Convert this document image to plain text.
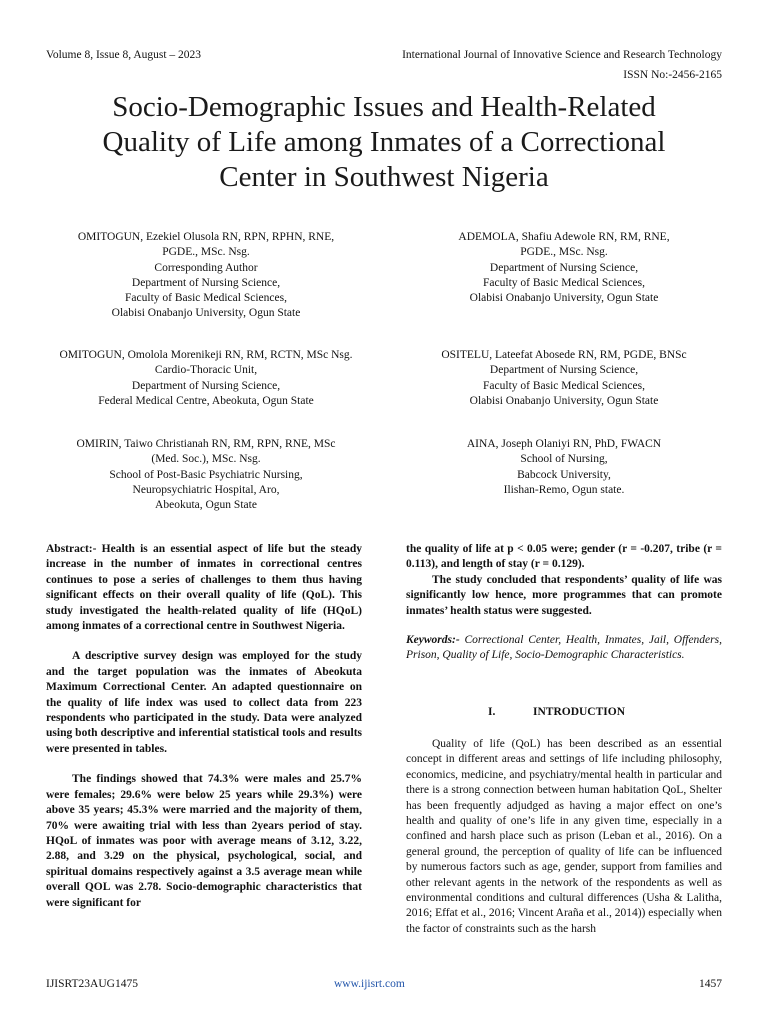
Volume 8, Issue 8, August – 2023	International Journal of Innovative Science and Research Technology
ISSN No:-2456-2165
Socio-Demographic Issues and Health-Related
Quality of Life among Inmates of a Correctional
Center in Southwest Nigeria
OMITOGUN, Ezekiel Olusola RN, RPN, RPHN, RNE,
PGDE., MSc. Nsg.
Corresponding Author
Department of Nursing Science,
Faculty of Basic Medical Sciences,
Olabisi Onabanjo University, Ogun State
ADEMOLA, Shafiu Adewole RN, RM, RNE,
PGDE., MSc. Nsg.
Department of Nursing Science,
Faculty of Basic Medical Sciences,
Olabisi Onabanjo University, Ogun State
OMITOGUN, Omolola Morenikeji RN, RM, RCTN, MSc Nsg.
Cardio-Thoracic Unit,
Department of Nursing Science,
Federal Medical Centre, Abeokuta, Ogun State
OSITELU, Lateefat Abosede RN, RM, PGDE, BNSc
Department of Nursing Science,
Faculty of Basic Medical Sciences,
Olabisi Onabanjo University, Ogun State
OMIRIN, Taiwo Christianah RN, RM, RPN, RNE, MSc
(Med. Soc.), MSc. Nsg.
School of Post-Basic Psychiatric Nursing,
Neuropsychiatric Hospital, Aro,
Abeokuta, Ogun State
AINA, Joseph Olaniyi RN, PhD, FWACN
School of Nursing,
Babcock University,
Ilishan-Remo, Ogun state.

Abstract:- Health is an essential aspect of life but the steady increase in the number of inmates in correctional centres continues to pose a series of challenges to them thus having significant effects on their overall quality of life (QoL). This study investigated the health-related quality of life (HQoL) among inmates of a correctional centre in Southwest Nigeria.

A descriptive survey design was employed for the study and the target population was the inmates of Abeokuta Maximum Correctional Center. An adapted questionnaire on the quality of life index was used to collect data from 223 respondents who participated in the study. Data were analyzed using both descriptive and inferential statistical tools and results were presented in tables.

The findings showed that 74.3% were males and 25.7% were females; 29.6% were below 25 years while 29.3%) were above 35 years; 45.3% were married and the majority of them, 70% were awaiting trial with less than 2years period of stay. HQoL of inmates was poor with average means of 3.12, 3.22, 2.88, and 3.29 on the physical, psychological, social, and spiritual domains respectively against a 3.5 average mean while overall QOL was 2.78. Socio-demographic characteristics that were significant for

the quality of life at p < 0.05 were; gender (r = -0.207, tribe (r = 0.113), and length of stay (r = 0.129).

The study concluded that respondents’ quality of life was significantly low hence, more programmes that can promote inmates’ health status were suggested.

Keywords:- Correctional Center, Health, Inmates, Jail, Offenders, Prison, Quality of Life, Socio-Demographic Characteristics.

I.	INTRODUCTION

Quality of life (QoL) has been described as an essential concept in different areas and settings of life including philosophy, economics, medicine, and psychiatry/mental health in particular and there is a strong connection between human habitation QoL, Shelter has been frequently adjudged as having a major effect on one’s health and quality of one’s life in any given time, especially in a confined and harsh place such as prison (Leban et al., 2016). On a general ground, the perception of quality of life can be influenced by numerous factors such as age, gender, support from families and other relevant agents in the network of the respondents as well as environmental conditions and cultural differences (Usha & Lalitha, 2016; Effat et al., 2016; Vincent Araña et al., 2014)) especially when the factor of constraints such as the harsh

IJISRT23AUG1475	www.ijisrt.com	1457
